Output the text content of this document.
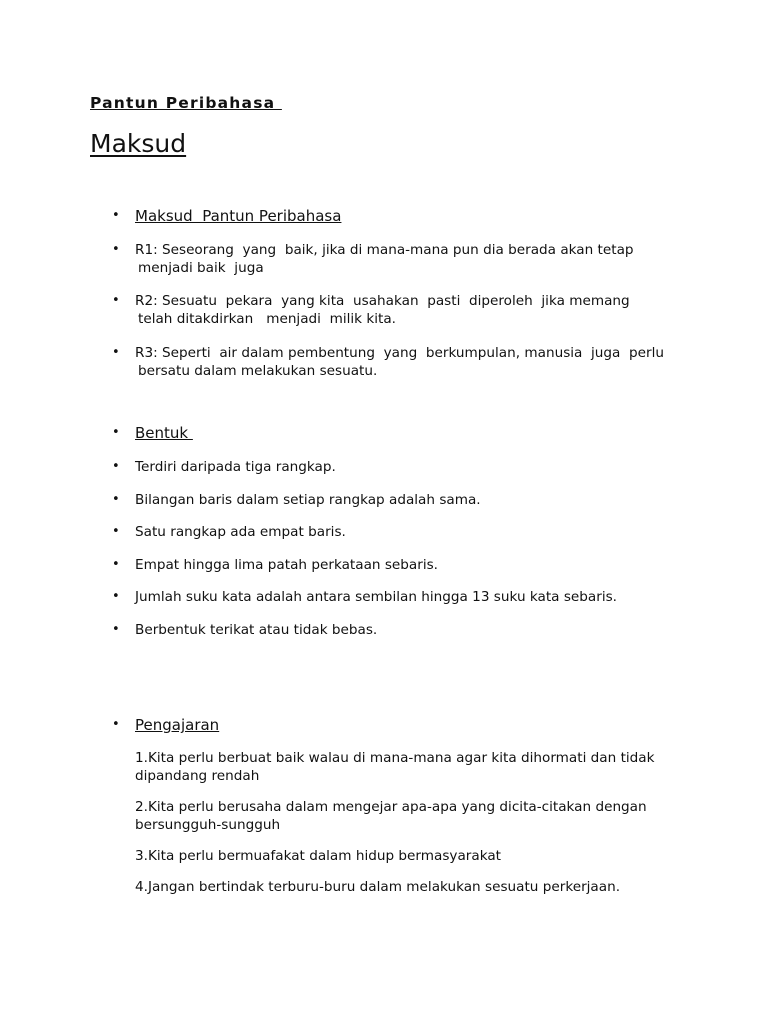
Pantun Peribahasa
Maksud
• Maksud  Pantun Peribahasa
• R1: Seseorang  yang  baik, jika di mana-mana pun dia berada akan tetap
menjadi baik  juga
• R2: Sesuatu  pekara  yang kita  usahakan  pasti  diperoleh  jika memang
telah ditakdirkan   menjadi  milik kita.
• R3: Seperti  air dalam pembentung  yang  berkumpulan, manusia  juga  perlu
bersatu dalam melakukan sesuatu.
• Bentuk
• Terdiri daripada tiga rangkap.
• Bilangan baris dalam setiap rangkap adalah sama.
• Satu rangkap ada empat baris.
• Empat hingga lima patah perkataan sebaris.
• Jumlah suku kata adalah antara sembilan hingga 13 suku kata sebaris.
• Berbentuk terikat atau tidak bebas.
• Pengajaran
1.Kita perlu berbuat baik walau di mana-mana agar kita dihormati dan tidak
dipandang rendah
2.Kita perlu berusaha dalam mengejar apa-apa yang dicita-citakan dengan
bersungguh-sungguh
3.Kita perlu bermuafakat dalam hidup bermasyarakat
4.Jangan bertindak terburu-buru dalam melakukan sesuatu perkerjaan.
